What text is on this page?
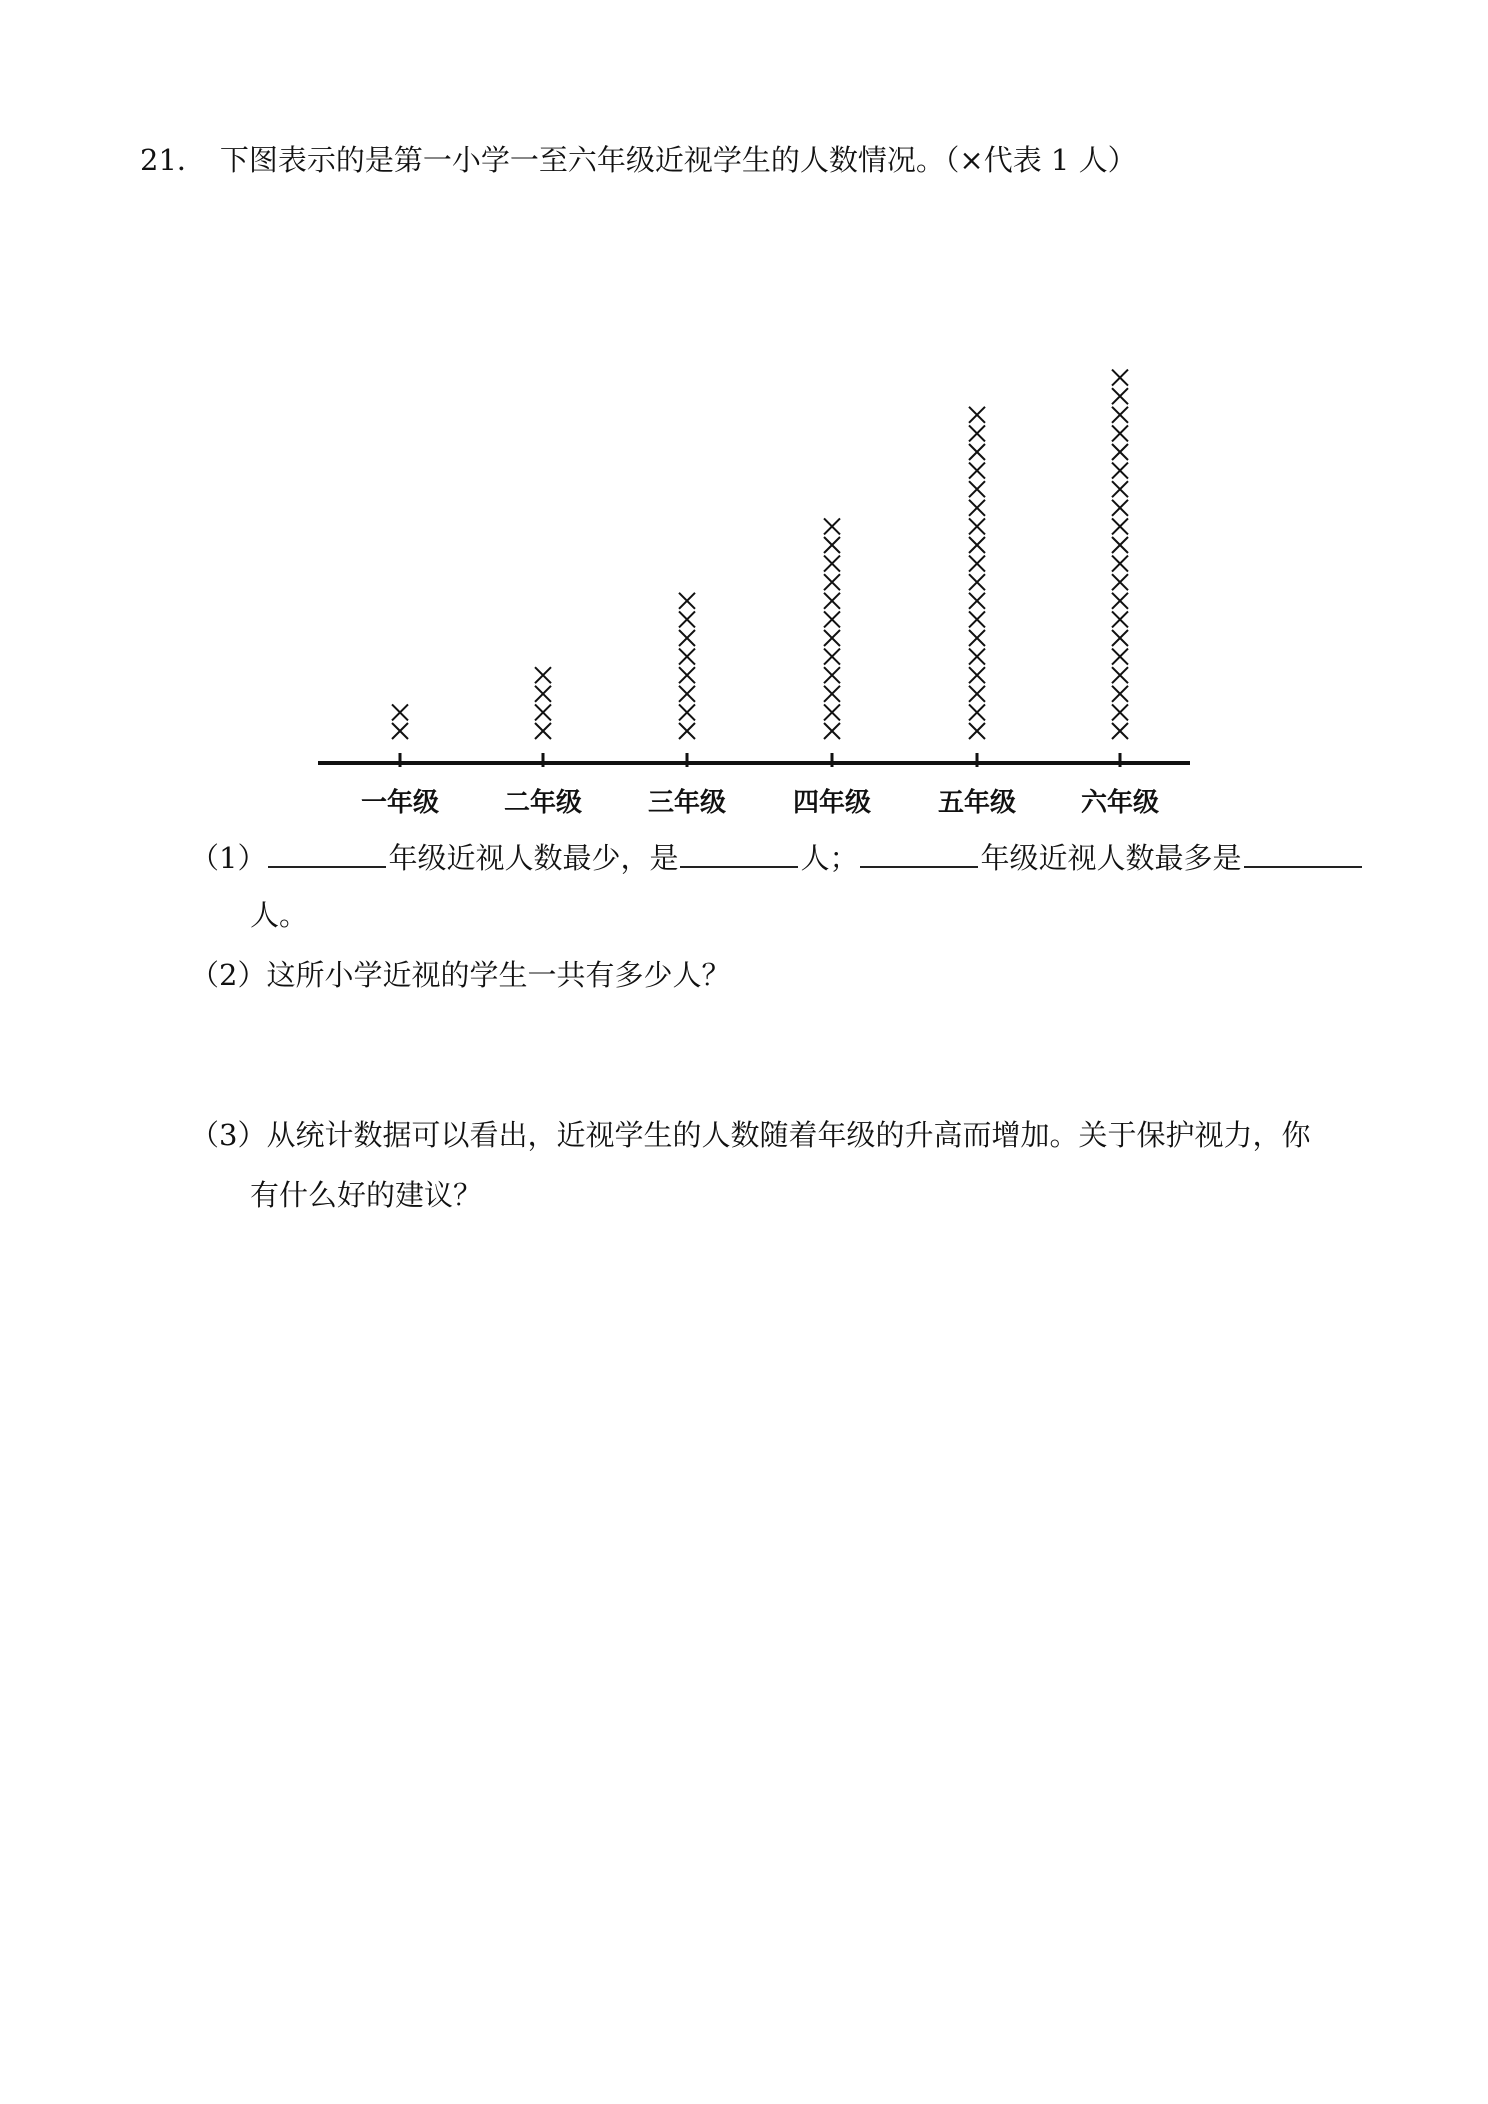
21． 下图表示的是第一小学一至六年级近视学生的人数情况。（×代表 1 人）
一年级 二年级	三年级	四年级	五年级 六年级
（1）	年级近视人数最少，是	人；	年级近视人数最多是
人。
（2）这所小学近视的学生一共有多少人？
（3）从统计数据可以看出，近视学生的人数随着年级的升高而增加。关于保护视力，你
有什么好的建议？
